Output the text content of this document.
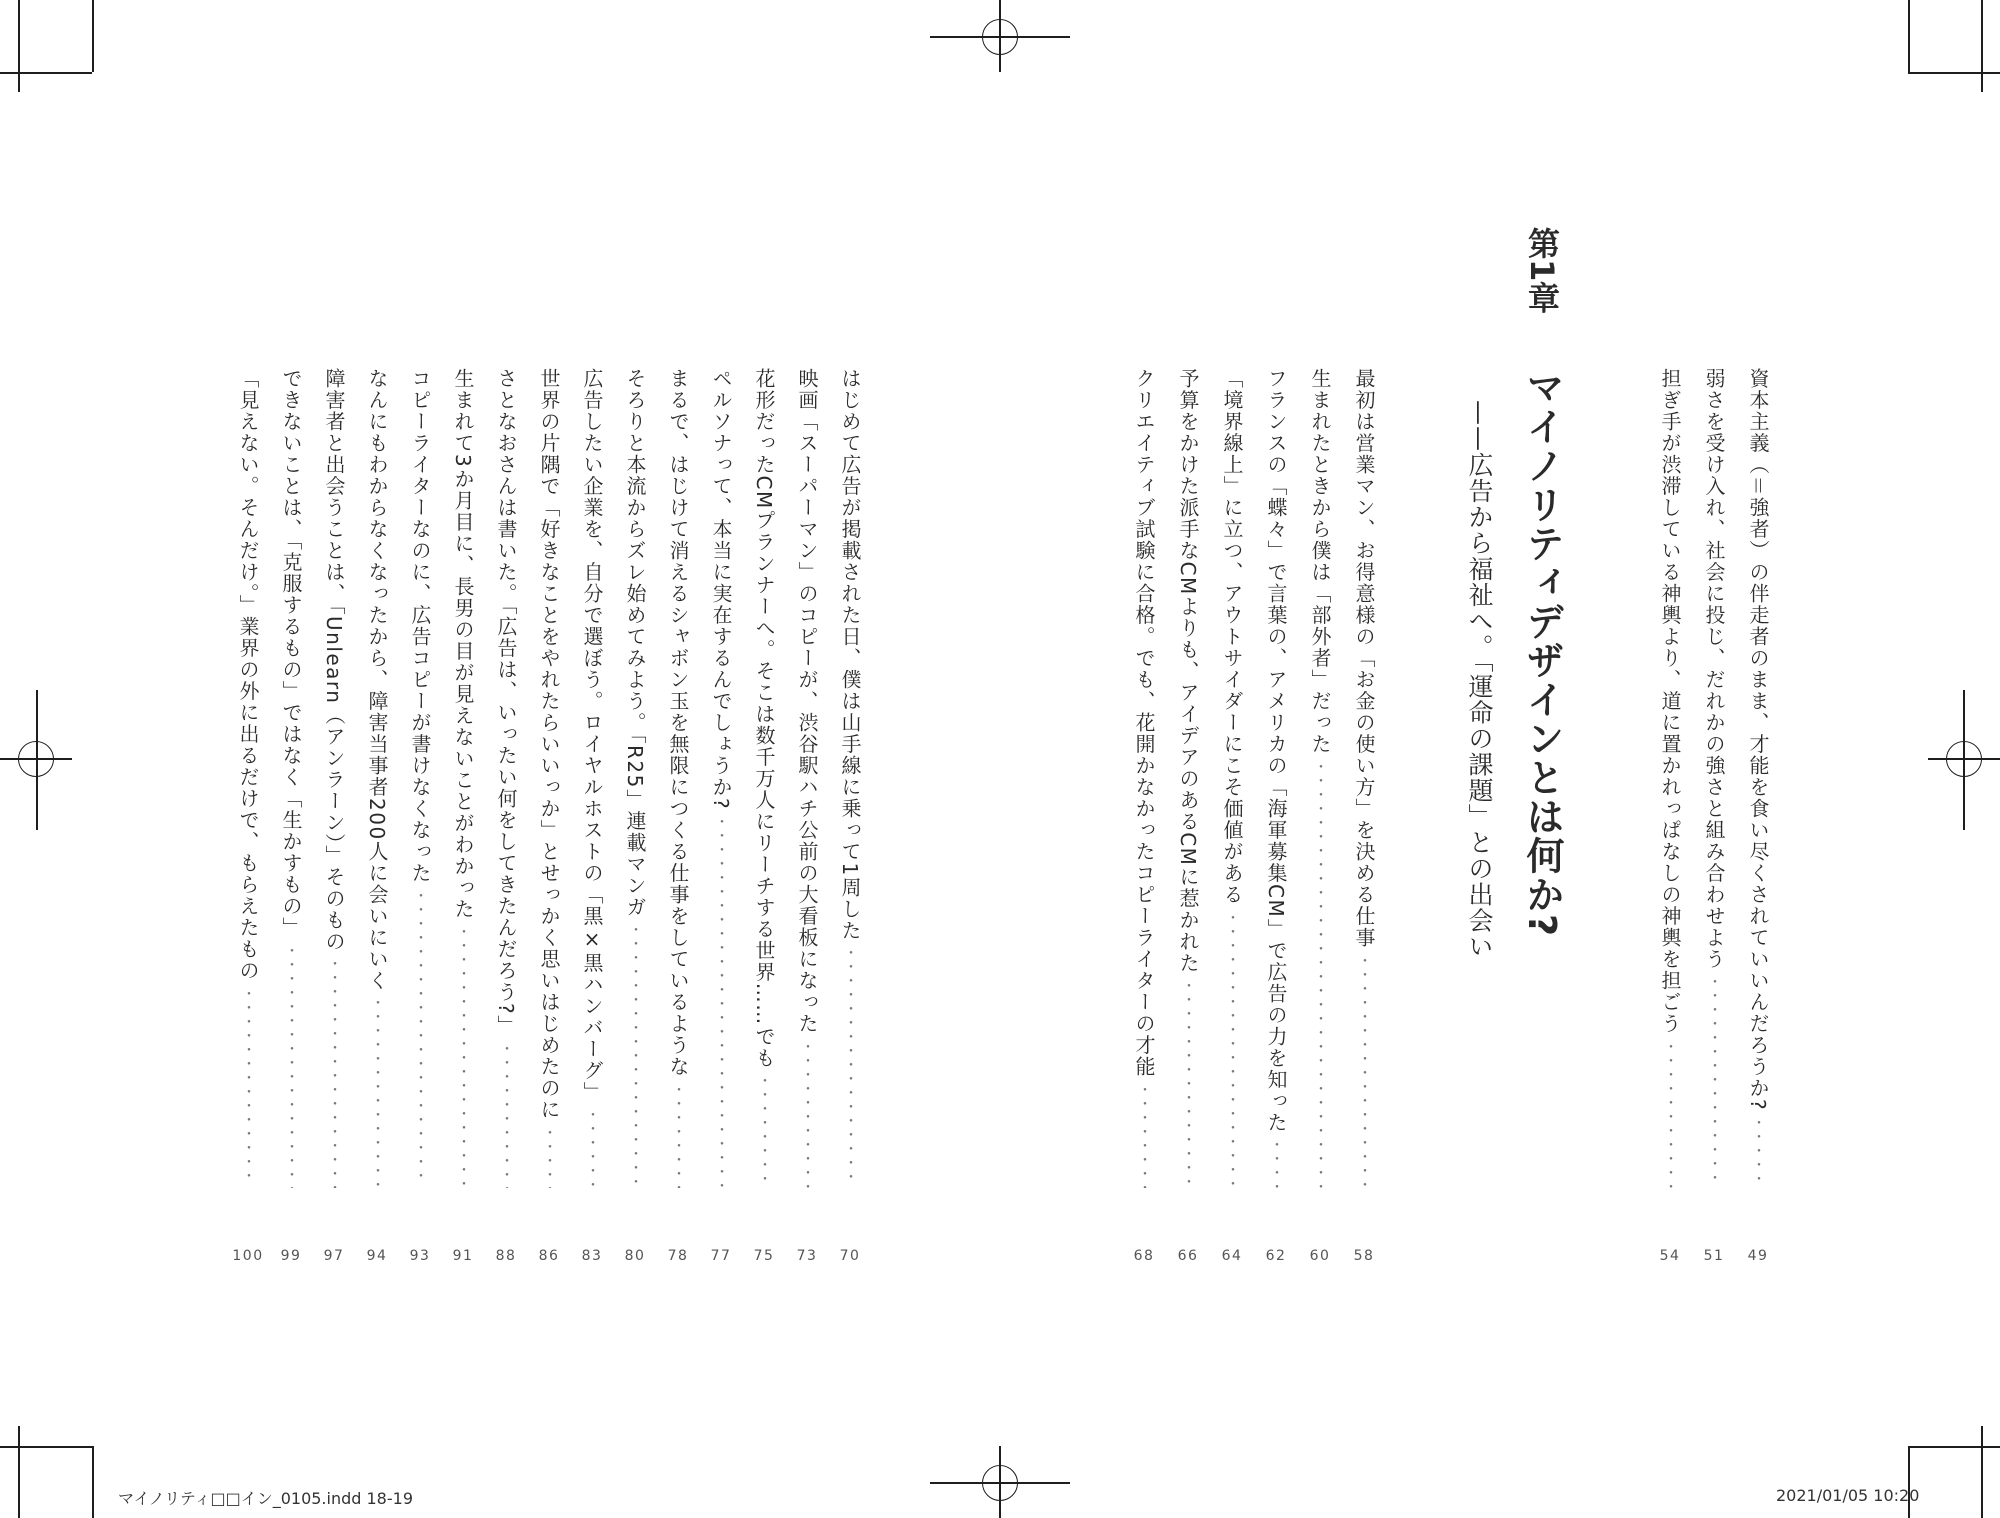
第1章
マイノリティデザインとは何か?
——広告から福祉へ。「運命の課題」との出会い	資本主義（＝強者）の伴走者のまま、才能を食い尽くされていいんだろうか? ・・・・・・・・・・・・・・・・・・・・・・・・・・・・・・・・・・・・・・・・・・・・・・・・・・・・
49
弱さを受け入れ、社会に投じ、だれかの強さと組み合わせよう ・・・・・・・・・・・・・・・・・・・・・・・・・・・・・・・・・・・・・・・・・・・・・・・・・・・・
51
担ぎ手が渋滞している神輿より、道に置かれっぱなしの神輿を担ごう ・・・・・・・・・・・・・・・・・・・・・・・・・・・・・・・・・・・・・・・・・・・・・・・・・・・・
54
最初は営業マン、お得意様の「お金の使い方」を決める仕事 ・・・・・・・・・・・・・・・・・・・・・・・・・・・・・・・・・・・・・・・・・・・・・・・・・・・・
58
生まれたときから僕は「部外者」だった ・・・・・・・・・・・・・・・・・・・・・・・・・・・・・・・・・・・・・・・・・・・・・・・・・・・・
60
フランスの「蝶々」で言葉の、アメリカの「海軍募集CM」で広告の力を知った ・・・・・・・・・・・・・・・・・・・・・・・・・・・・・・・・・・・・・・・・・・・・・・・・・・・・
62
「境界線上」に立つ、アウトサイダーにこそ価値がある ・・・・・・・・・・・・・・・・・・・・・・・・・・・・・・・・・・・・・・・・・・・・・・・・・・・・
64
予算をかけた派手なCMよりも、アイデアのあるCMに惹かれた ・・・・・・・・・・・・・・・・・・・・・・・・・・・・・・・・・・・・・・・・・・・・・・・・・・・・
66
クリエイティブ試験に合格。でも、花開かなかったコピーライターの才能 ・・・・・・・・・・・・・・・・・・・・・・・・・・・・・・・・・・・・・・・・・・・・・・・・・・・・
68
はじめて広告が掲載された日、僕は山手線に乗って1周した ・・・・・・・・・・・・・・・・・・・・・・・・・・・・・・・・・・・・・・・・・・・・・・・・・・・・
70
映画「スーパーマン」のコピーが、渋谷駅ハチ公前の大看板になった ・・・・・・・・・・・・・・・・・・・・・・・・・・・・・・・・・・・・・・・・・・・・・・・・・・・・
73
花形だったCMプランナーへ。そこは数千万人にリーチする世界……でも ・・・・・・・・・・・・・・・・・・・・・・・・・・・・・・・・・・・・・・・・・・・・・・・・・・・・
75
ペルソナって、本当に実在するんでしょうか? ・・・・・・・・・・・・・・・・・・・・・・・・・・・・・・・・・・・・・・・・・・・・・・・・・・・・
77
まるで、はじけて消えるシャボン玉を無限につくる仕事をしているような ・・・・・・・・・・・・・・・・・・・・・・・・・・・・・・・・・・・・・・・・・・・・・・・・・・・・
78
そろりと本流からズレ始めてみよう。「R25」連載マンガ ・・・・・・・・・・・・・・・・・・・・・・・・・・・・・・・・・・・・・・・・・・・・・・・・・・・・
80
広告したい企業を、自分で選ぼう。ロイヤルホストの「黒×黒ハンバーグ」 ・・・・・・・・・・・・・・・・・・・・・・・・・・・・・・・・・・・・・・・・・・・・・・・・・・・・
83
世界の片隅で「好きなことをやれたらいいっか」とせっかく思いはじめたのに ・・・・・・・・・・・・・・・・・・・・・・・・・・・・・・・・・・・・・・・・・・・・・・・・・・・・
86
さとなおさんは書いた。「広告は、いったい何をしてきたんだろう?」 ・・・・・・・・・・・・・・・・・・・・・・・・・・・・・・・・・・・・・・・・・・・・・・・・・・・・
88
生まれて3か月目に、長男の目が見えないことがわかった ・・・・・・・・・・・・・・・・・・・・・・・・・・・・・・・・・・・・・・・・・・・・・・・・・・・・
91
コピーライターなのに、広告コピーが書けなくなった ・・・・・・・・・・・・・・・・・・・・・・・・・・・・・・・・・・・・・・・・・・・・・・・・・・・・
93
なんにもわからなくなったから、障害当事者200人に会いにいく ・・・・・・・・・・・・・・・・・・・・・・・・・・・・・・・・・・・・・・・・・・・・・・・・・・・・
94
障害者と出会うことは、「Unlearn（アンラーン）」そのもの ・・・・・・・・・・・・・・・・・・・・・・・・・・・・・・・・・・・・・・・・・・・・・・・・・・・・
97
できないことは、「克服するもの」ではなく「生かすもの」 ・・・・・・・・・・・・・・・・・・・・・・・・・・・・・・・・・・・・・・・・・・・・・・・・・・・・
99
「見えない。そんだけ。」業界の外に出るだけで、もらえたもの ・・・・・・・・・・・・・・・・・・・・・・・・・・・・・・・・・・・・・・・・・・・・・・・・・・・・
100
マイノリティ□□イン_0105.indd 18-19	2021/01/05 10:20
